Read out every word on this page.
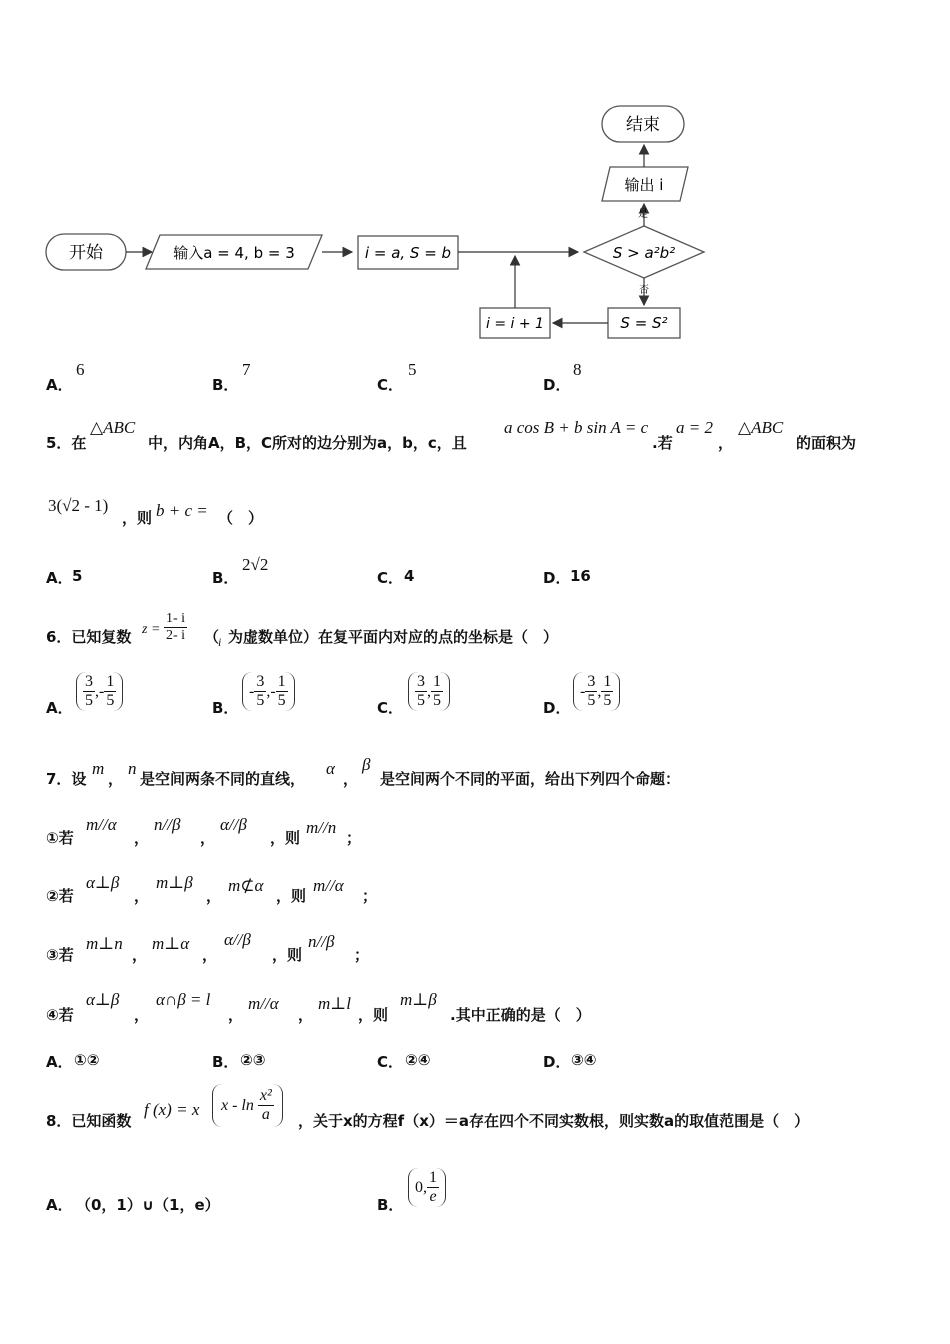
开始	输入a = 4, b = 3	i = a, S = b	S > a²b²
是
输出 i
结束
否
S = S²
i = i + 1
A．
6
B．
7
C．
5
D．
8
5．在
△ABC
中，内角A，B，C所对的边分别为a，b，c，且
a cos B + b sin A = c
.若
a = 2
，
△ABC
的面积为
3(√2 - 1)
，则 b + c = （　）
A． 5	B．
2√2
C． 4	D． 16
6．已知复数 $z = \frac{1- i}{2- i}$ （
i 为虚数单位）在复平面内对应的点的坐标是（　）
A． $\frac{3}{5}$ , - $\frac{1}{5}$	B．
- $\frac{3}{5}$ , - $\frac{1}{5}$	C． $\frac{3}{5}$ , $\frac{1}{5}$	D．
- $\frac{3}{5}$ , $\frac{1}{5}$
7．设
m
，
n
是空间两条不同的直线，
α
，
β
是空间两个不同的平面，给出下列四个命题：
①若
m//α
，
n//β
，
α//β
，则
m//n
；
②若
α⊥β
，
m⊥β
，
m⊄α
，则
m//α
；
③若
m⊥n
，
m⊥α
，
α//β
，则
n//β
；
④若
α⊥β
，
α∩β = l
，
m//α
，
m⊥l
，则
m⊥β
.其中正确的是（　）
A． ①②	B． ②③	C． ②④	D． ③④
8．已知函数
f (x) = x x - $\ln \frac{\text{x²}}{a}$ ，关于x的方程f（x）＝a存在四个不同实数根，则实数a的取值范围是（　）
A． （0，1）∪（1，e）	B．
0, $\frac{1}{e}$
